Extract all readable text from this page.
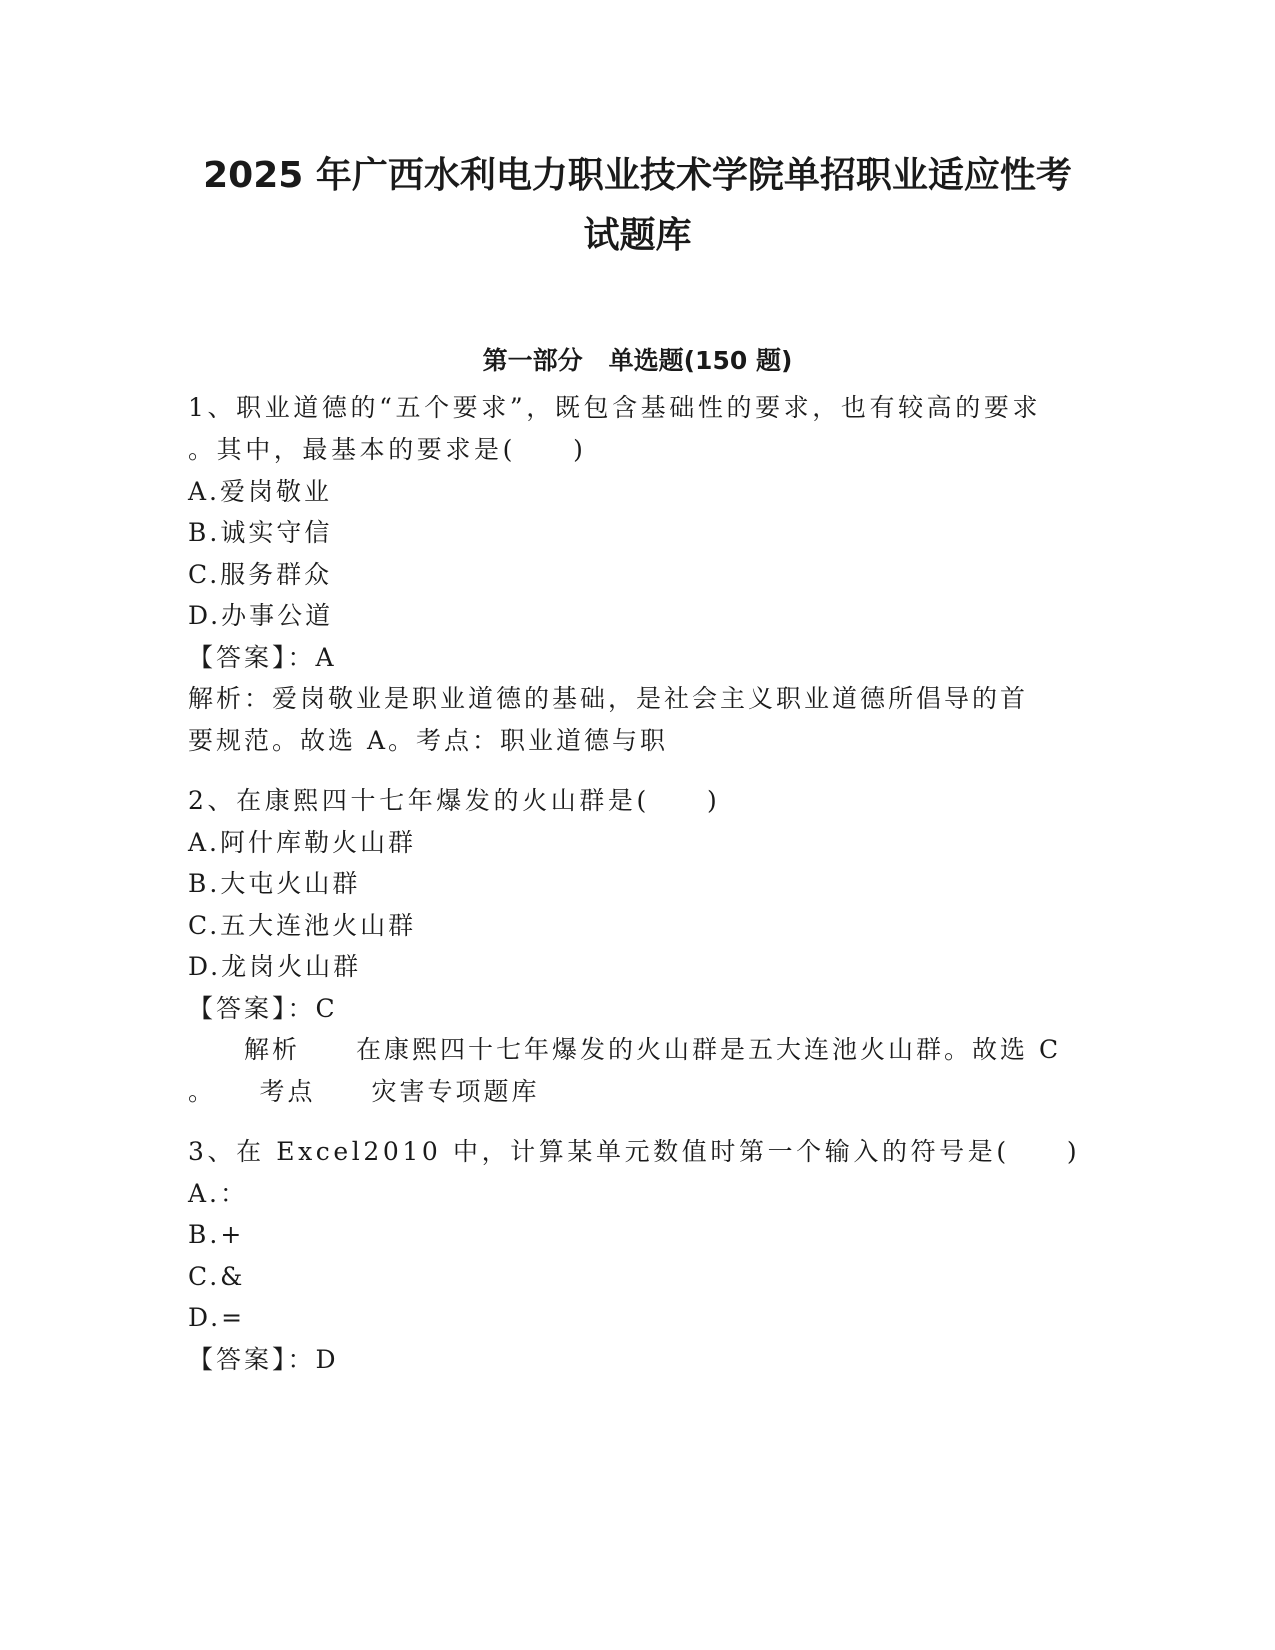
2025 年广西水利电力职业技术学院单招职业适应性考
试题库
第一部分 单选题(150 题)
1、职业道德的“五个要求”，既包含基础性的要求，也有较高的要求
。其中，最基本的要求是(　　)
A.爱岗敬业
B.诚实守信
C.服务群众
D.办事公道
【答案】：A
解析：爱岗敬业是职业道德的基础，是社会主义职业道德所倡导的首
要规范。故选 A。考点：职业道德与职
2、在康熙四十七年爆发的火山群是(　　)
A.阿什库勒火山群
B.大屯火山群
C.五大连池火山群
D.龙岗火山群
【答案】：C
　　解析　　在康熙四十七年爆发的火山群是五大连池火山群。故选 C
。　　考点　　灾害专项题库
3、在 Excel2010 中，计算某单元数值时第一个输入的符号是(　　)
A.：
B.+
C.&
D.=
【答案】：D
